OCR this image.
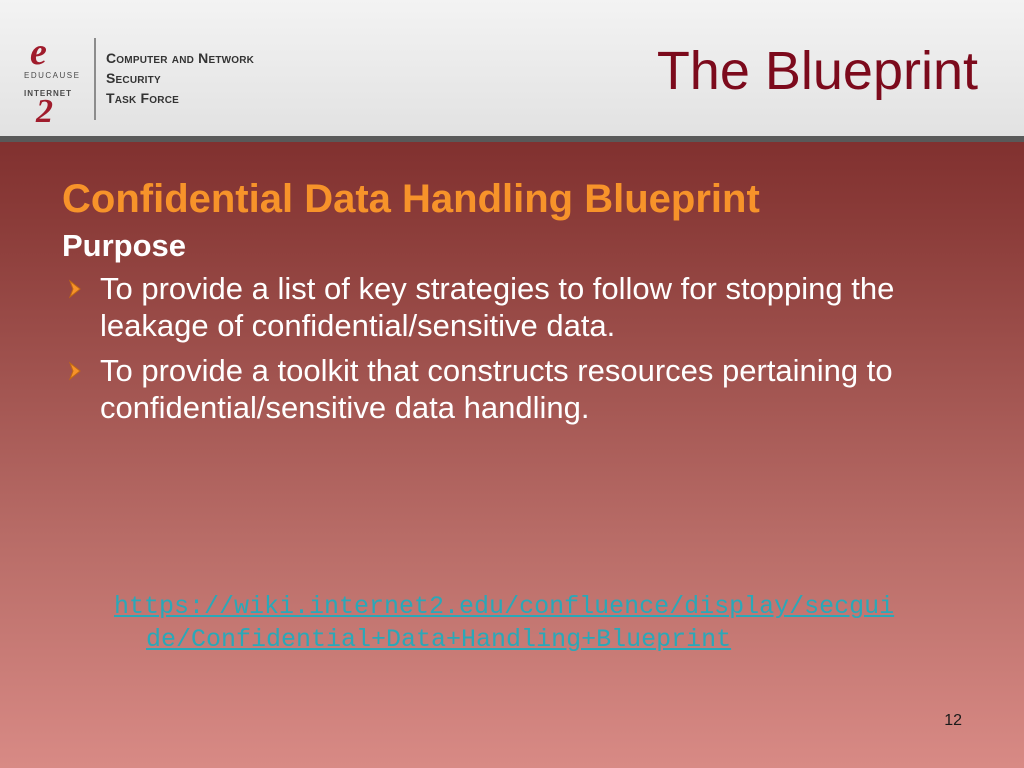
e
EDUCAUSE
INTERNET
2
Computer and Network
Security
Task Force	The Blueprint
Confidential Data Handling Blueprint
Purpose
To provide a list of key strategies to follow for stopping the leakage of confidential/sensitive data.
To provide a toolkit that constructs resources pertaining to confidential/sensitive data handling.
https://wiki.internet2.edu/confluence/display/secgui
de/Confidential+Data+Handling+Blueprint
12
